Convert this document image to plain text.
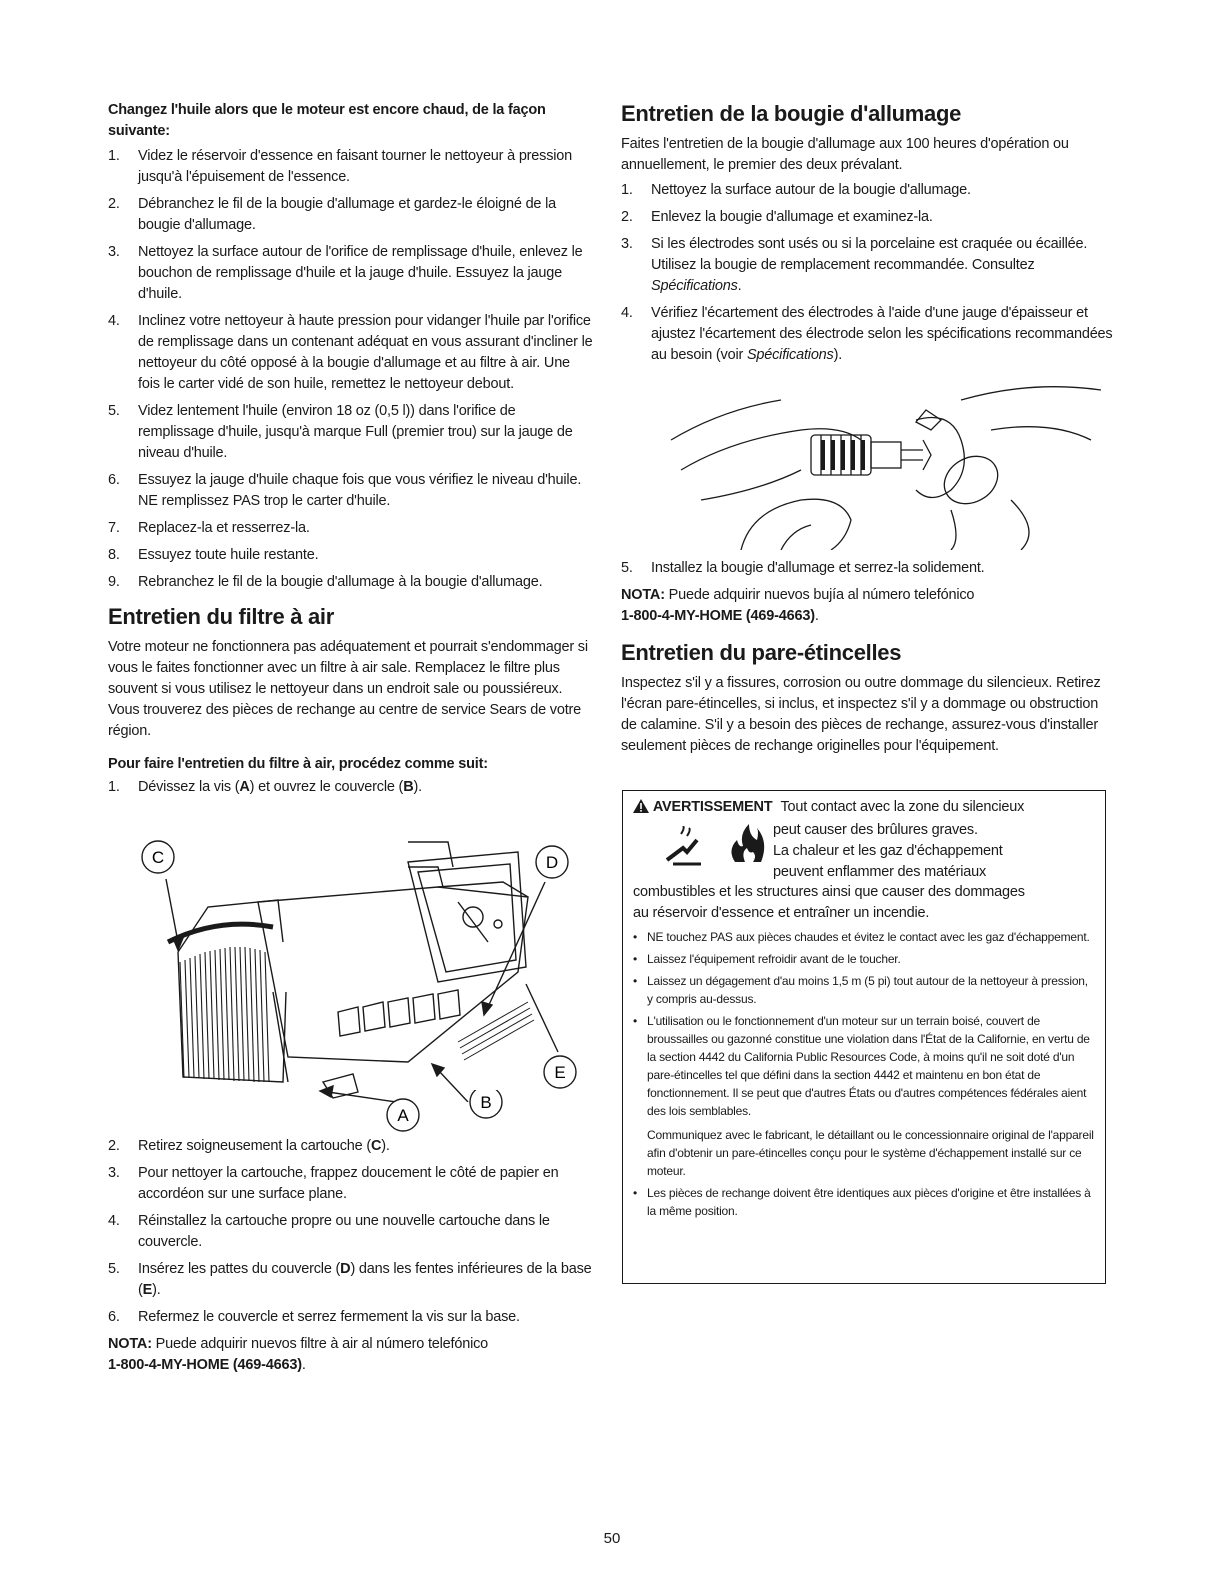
Changez l'huile alors que le moteur est encore chaud, de la façon suivante:

1. Videz le réservoir d'essence en faisant tourner le nettoyeur à pression jusqu'à l'épuisement de l'essence.
2. Débranchez le fil de la bougie d'allumage et gardez-le éloigné de la bougie d'allumage.
3. Nettoyez la surface autour de l'orifice de remplissage d'huile, enlevez le bouchon de remplissage d'huile et la jauge d'huile. Essuyez la jauge d'huile.
4. Inclinez votre nettoyeur à haute pression pour vidanger l'huile par l'orifice de remplissage dans un contenant adéquat en vous assurant d'incliner le nettoyeur du côté opposé à la bougie d'allumage et au filtre à air. Une fois le carter vidé de son huile, remettez le nettoyeur debout.
5. Videz lentement l'huile (environ 18 oz (0,5 l)) dans l'orifice de remplissage d'huile, jusqu'à marque Full (premier trou) sur la jauge de niveau d'huile.
6. Essuyez la jauge d'huile chaque fois que vous vérifiez le niveau d'huile. NE remplissez PAS trop le carter d'huile.
7. Replacez-la et resserrez-la.
8. Essuyez toute huile restante.
9. Rebranchez le fil de la bougie d'allumage à la bougie d'allumage.
Entretien du filtre à air

Votre moteur ne fonctionnera pas adéquatement et pourrait s'endommager si vous le faites fonctionner avec un filtre à air sale. Remplacez le filtre plus souvent si vous utilisez le nettoyeur dans un endroit sale ou poussiéreux. Vous trouverez des pièces de rechange au centre de service Sears de votre région.

Pour faire l'entretien du filtre à air, procédez comme suit:

1. Dévissez la vis (A) et ouvrez le couvercle (B).
C	D
E
A
B
2. Retirez soigneusement la cartouche (C).
3. Pour nettoyer la cartouche, frappez doucement le côté de papier en accordéon sur une surface plane.
4. Réinstallez la cartouche propre ou une nouvelle cartouche dans le couvercle.
5. Insérez les pattes du couvercle (D) dans les fentes inférieures de la base (E).
6. Refermez le couvercle et serrez fermement la vis sur la base.

NOTA: Puede adquirir nuevos filtre à air al número telefónico
1-800-4-MY-HOME (469-4663).

Entretien de la bougie d'allumage

Faites l'entretien de la bougie d'allumage aux 100 heures d'opération ou annuellement, le premier des deux prévalant.

1. Nettoyez la surface autour de la bougie d'allumage.
2. Enlevez la bougie d'allumage et examinez-la.
3. Si les électrodes sont usés ou si la porcelaine est craquée ou écaillée. Utilisez la bougie de remplacement recommandée. Consultez Spécifications.
4. Vérifiez l'écartement des électrodes à l'aide d'une jauge d'épaisseur et ajustez l'écartement des électrode selon les spécifications recommandées au besoin (voir Spécifications).
5. Installez la bougie d'allumage et serrez-la solidement.

NOTA: Puede adquirir nuevos bujía al número telefónico
1-800-4-MY-HOME (469-4663).

Entretien du pare-étincelles

Inspectez s'il y a fissures, corrosion ou outre dommage du silencieux. Retirez l'écran pare-étincelles, si inclus, et inspectez s'il y a dommage ou obstruction de calamine. S'il y a besoin des pièces de rechange, assurez-vous d'installer seulement pièces de rechange originelles pour l'équipement.

AVERTISSEMENT Tout contact avec la zone du silencieux
peut causer des brûlures graves.
La chaleur et les gaz d'échappement
peuvent enflammer des matériaux
combustibles et les structures ainsi que causer des dommages
au réservoir d'essence et entraîner un incendie.
• NE touchez PAS aux pièces chaudes et évitez le contact avec les gaz d'échappement.
• Laissez l'équipement refroidir avant de le toucher.
• Laissez un dégagement d'au moins 1,5 m (5 pi) tout autour de la nettoyeur à pression, y compris au-dessus.
• L'utilisation ou le fonctionnement d'un moteur sur un terrain boisé, couvert de broussailles ou gazonné constitue une violation dans l'État de la Californie, en vertu de la section 4442 du California Public Resources Code, à moins qu'il ne soit doté d'un pare-étincelles tel que défini dans la section 4442 et maintenu en bon état de fonctionnement. Il se peut que d'autres États ou d'autres compétences fédérales aient des lois semblables.
Communiquez avec le fabricant, le détaillant ou le concessionnaire original de l'appareil afin d'obtenir un pare-étincelles conçu pour le système d'échappement installé sur ce moteur.
• Les pièces de rechange doivent être identiques aux pièces d'origine et être installées à la même position.
50
